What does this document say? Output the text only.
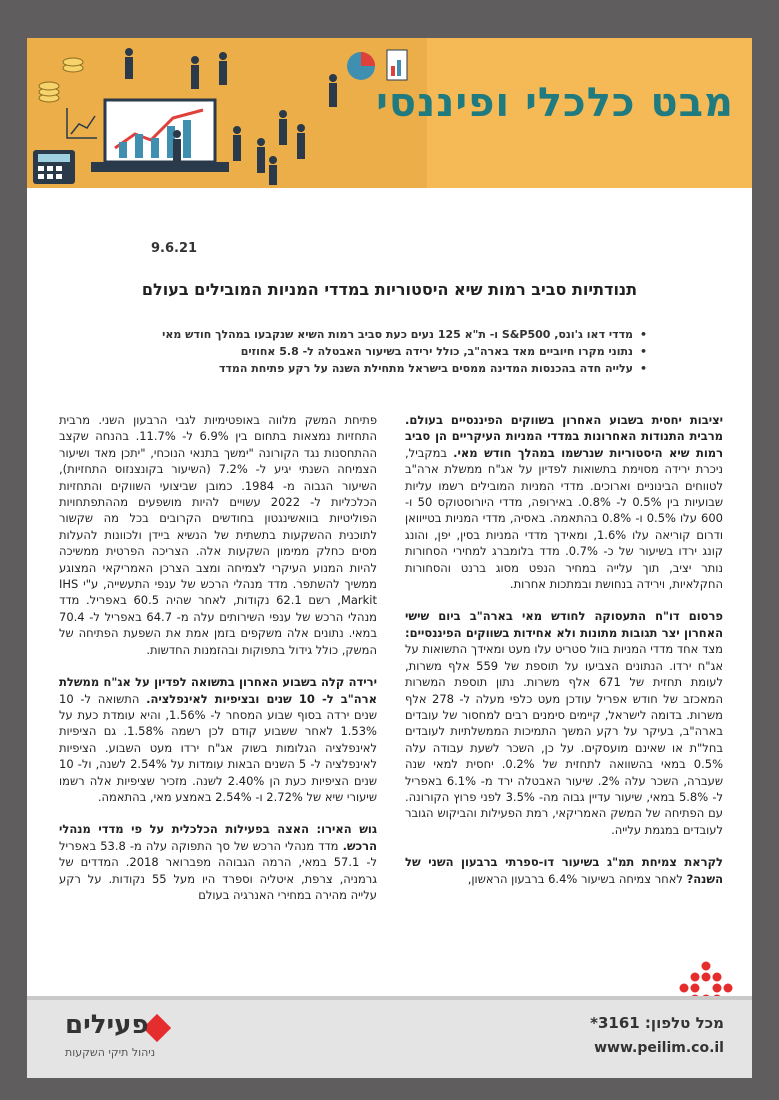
מבט כלכלי ופיננסי
9.6.21
תנודתיות סביב רמות שיא היסטוריות במדדי המניות המובילים בעולם
• מדדי דאו ג'ונס, S&P500 ו- ת"א 125 נעים כעת סביב רמות השיא שנקבעו במהלך חודש מאי
• נתוני מקרו חיוביים מאד בארה"ב, כולל ירידה בשיעור האבטלה ל- 5.8 אחוזים
• עלייה חדה בהכנסות המדינה ממסים בישראל מתחילת השנה על רקע פתיחת המדד

יציבות יחסית בשבוע האחרון בשווקים הפיננסיים בעולם. מרבית התנודות האחרונות במדדי המניות העיקריים הן סביב רמות שיא היסטוריות שנרשמו במהלך חודש מאי. במקביל, ניכרת ירידה מסוימת בתשואות לפדיון על אג"ח ממשלת ארה"ב לטווחים הבינוניים וארוכים. מדדי המניות המובילים רשמו עליות שבועיות בין 0.5% ל- 0.8%. באירופה, מדדי היורוסטוקס 50 ו- 600 עלו 0.5% ו- 0.8% בהתאמה. באסיה, מדדי המניות בטייוואן ודרום קוריאה עלו 1.6%, ומאידך מדדי המניות בסין, יפן, והונג קונג ירדו בשיעור של כ- 0.7%. מדד בלומברג למחירי הסחורות נותר יציב, תוך עלייה במחיר הנפט מסוג ברנט והסחורות החקלאיות, וירידה בנחושת ובמתכות אחרות.

פרסום דו"ח התעסוקה לחודש מאי בארה"ב ביום שישי האחרון יצר תגובות מתונות ולא אחידות בשווקים הפיננסיים: מצד אחד מדדי המניות בוול סטריט עלו מעט ומאידך התשואות על אג"ח ירדו. הנתונים הצביעו על תוספת של 559 אלף משרות, לעומת תחזית של 671 אלף משרות. נתון תוספת המשרות המאכזב של חודש אפריל עודכן מעט כלפי מעלה ל- 278 אלף משרות. בדומה לישראל, קיימים סימנים רבים למחסור של עובדים בארה"ב, בעיקר על רקע המשך התמיכות הממשלתיות לעובדים בחל"ת או שאינם מועסקים. על כן, השכר לשעת עבודה עלה 0.5% במאי בהשוואה לתחזית של 0.2%. יחסית למאי שנה שעברה, השכר עלה 2%. שיעור האבטלה ירד מ- 6.1% באפריל ל- 5.8% במאי, שיעור עדיין גבוה מה- 3.5% לפני פרוץ הקורונה. עם הפתיחה של המשק האמריקאי, רמת הפעילות והביקוש הגובר לעובדים במגמת עלייה.

לקראת צמיחת תמ"ג בשיעור דו-ספרתי ברבעון השני של השנה? לאחר צמיחה בשיעור 6.4% ברבעון הראשון,

פתיחת המשק מלווה באופטימיות לגבי הרבעון השני. מרבית התחזיות נמצאות בתחום בין 6.9% ל- 11.7%. בהנחה שקצב ההתחסנות נגד הקורונה "ימשך בתנאי הנוכחי, "יתכן מאד ושיעור הצמיחה השנתי יגיע ל- 7.2% (השיעור בקונצנזוס התחזיות), השיעור הגבוה מ- 1984. כמובן שביצועי השווקים והתחזיות הכלכליות ל- 2022 עשויים להיות מושפעים מההתפתחויות הפוליטיות בוואשינגטון בחודשים הקרובים בכל מה שקשור לתוכנית ההשקעות בתשתית של הנשיא ביידן ולכוונות להעלות מסים כחלק ממימון השקעות אלה. הצריכה הפרטית ממשיכה להיות המנוע העיקרי לצמיחה ומצב הצרכן האמריקאי המצוגע ממשיך להשתפר. מדד מנהלי הרכש של ענפי התעשייה, ע"י IHS Markit, רשם 62.1 נקודות, לאחר שהיה 60.5 באפריל. מדד מנהלי הרכש של ענפי השירותים עלה מ- 64.7 באפריל ל- 70.4 במאי. נתונים אלה משקפים בזמן אמת את השפעת הפתיחה של המשק, כולל גידול בתפוקות ובהזמנות החדשות.

ירידה קלה בשבוע האחרון בתשואה לפדיון על אג"ח ממשלת ארה"ב ל- 10 שנים ובציפיות לאינפלציה. התשואה ל- 10 שנים ירדה בסוף שבוע המסחר ל- 1.56%, והיא עומדת כעת על 1.53% לאחר ששבוע קודם לכן רשמה 1.58%. גם הציפיות לאינפלציה הגלומות בשוק אג"ח ירדו מעט השבוע. הציפיות לאינפלציה ל- 5 השנים הבאות עומדות על 2.54% לשנה, ול- 10 שנים הציפיות כעת הן 2.40% לשנה. מזכיר שציפיות אלה רשמו שיעורי שיא של 2.72% ו- 2.54% באמצע מאי, בהתאמה.

גוש האירו: האצה בפעילות הכלכלית על פי מדדי מנהלי הרכש. מדד מנהלי הרכש של סך התפוקה עלה מ- 53.8 באפריל ל- 57.1 במאי, הרמה הגבוהה מפברואר 2018. המדדים של גרמניה, צרפת, איטליה וספרד היו מעל 55 נקודות. על רקע עלייה מהירה במחירי האנרגיה בעולם

פעילים
ניהול תיקי השקעות
מכל טלפון: 3161*
www.peilim.co.il
